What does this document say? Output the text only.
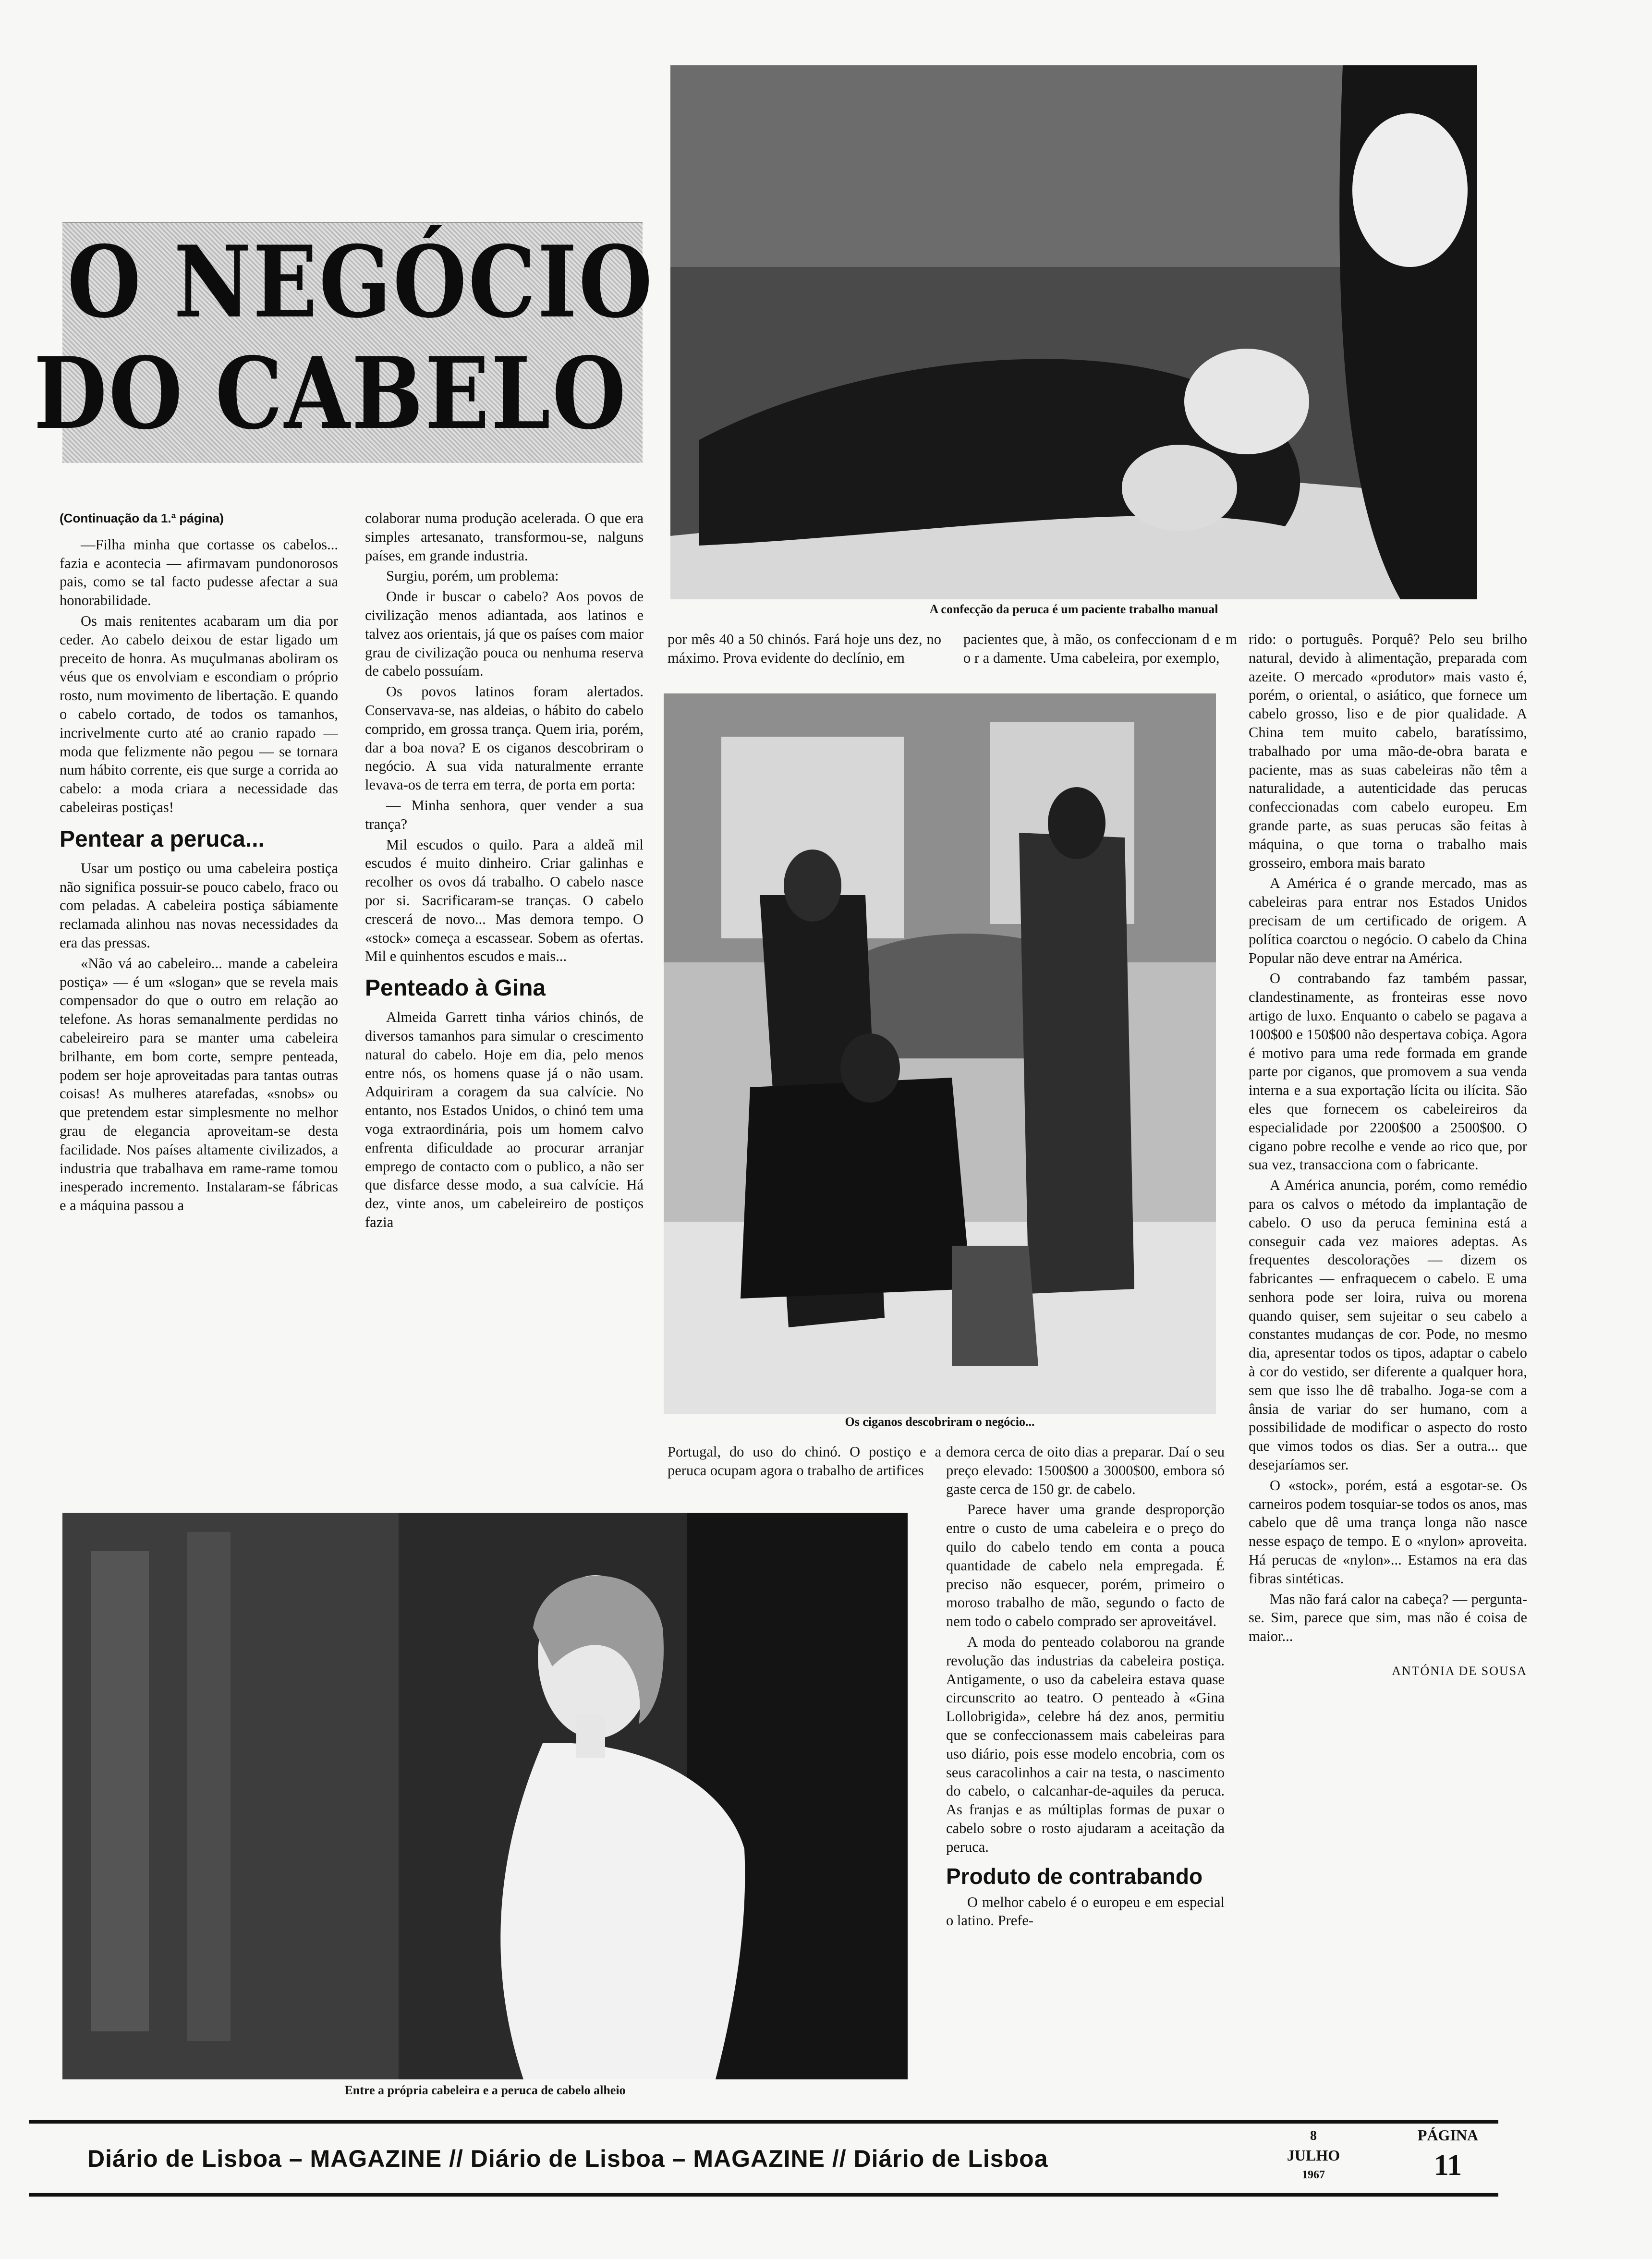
O NEGÓCIO
DO CABELO
A confecção da peruca é um paciente trabalho manual

(Continuação da 1.ª página)

—Filha minha que cortasse os cabelos... fazia e acontecia — afirmavam pundonorosos pais, como se tal facto pudesse afectar a sua honorabilidade.

Os mais renitentes acabaram um dia por ceder. Ao cabelo deixou de estar ligado um preceito de honra. As muçulmanas aboliram os véus que os envolviam e escondiam o próprio rosto, num movimento de libertação. E quando o cabelo cortado, de todos os tamanhos, incrivelmente curto até ao cranio rapado — moda que felizmente não pegou — se tornara num hábito corrente, eis que surge a corrida ao cabelo: a moda criara a necessidade das cabeleiras postiças!

Pentear a peruca...

Usar um postiço ou uma cabeleira postiça não significa possuir-se pouco cabelo, fraco ou com peladas. A cabeleira postiça sábiamente reclamada alinhou nas novas necessidades da era das pressas.

«Não vá ao cabeleiro... mande a cabeleira postiça» — é um «slogan» que se revela mais compensador do que o outro em relação ao telefone. As horas semanalmente perdidas no cabeleireiro para se manter uma cabeleira brilhante, em bom corte, sempre penteada, podem ser hoje aproveitadas para tantas outras coisas! As mulheres atarefadas, «snobs» ou que pretendem estar simplesmente no melhor grau de elegancia aproveitam-se desta facilidade. Nos países altamente civilizados, a industria que trabalhava em rame-rame tomou inesperado incremento. Instalaram-se fábricas e a máquina passou a

colaborar numa produção acelerada. O que era simples artesanato, transformou-se, nalguns países, em grande industria.

Surgiu, porém, um problema:

Onde ir buscar o cabelo? Aos povos de civilização menos adiantada, aos latinos e talvez aos orientais, já que os países com maior grau de civilização pouca ou nenhuma reserva de cabelo possuíam.

Os povos latinos foram alertados. Conservava-se, nas aldeias, o hábito do cabelo comprido, em grossa trança. Quem iria, porém, dar a boa nova? E os ciganos descobriram o negócio. A sua vida naturalmente errante levava-os de terra em terra, de porta em porta:

— Minha senhora, quer vender a sua trança?

Mil escudos o quilo. Para a aldeã mil escudos é muito dinheiro. Criar galinhas e recolher os ovos dá trabalho. O cabelo nasce por si. Sacrificaram-se tranças. O cabelo crescerá de novo... Mas demora tempo. O «stock» começa a escassear. Sobem as ofertas. Mil e quinhentos escudos e mais...

Penteado à Gina

Almeida Garrett tinha vários chinós, de diversos tamanhos para simular o crescimento natural do cabelo. Hoje em dia, pelo menos entre nós, os homens quase já o não usam. Adquiriram a coragem da sua calvície. No entanto, nos Estados Unidos, o chinó tem uma voga extraordinária, pois um homem calvo enfrenta dificuldade ao procurar arranjar emprego de contacto com o publico, a não ser que disfarce desse modo, a sua calvície. Há dez, vinte anos, um cabeleireiro de postiços fazia

por mês 40 a 50 chinós. Fará hoje uns dez, no máximo. Prova evidente do declínio, em

pacientes que, à mão, os confeccionam d e m o r a damente. Uma cabeleira, por exemplo,

Os ciganos descobriram o negócio...

Portugal, do uso do chinó. O postiço e a peruca ocupam agora o trabalho de artifices

Entre a própria cabeleira e a peruca de cabelo alheio

demora cerca de oito dias a preparar. Daí o seu preço elevado: 1500$00 a 3000$00, embora só gaste cerca de 150 gr. de cabelo.

Parece haver uma grande desproporção entre o custo de uma cabeleira e o preço do quilo do cabelo tendo em conta a pouca quantidade de cabelo nela empregada. É preciso não esquecer, porém, primeiro o moroso trabalho de mão, segundo o facto de nem todo o cabelo comprado ser aproveitável.

A moda do penteado colaborou na grande revolução das industrias da cabeleira postiça. Antigamente, o uso da cabeleira estava quase circunscrito ao teatro. O penteado à «Gina Lollobrigida», celebre há dez anos, permitiu que se confeccionassem mais cabeleiras para uso diário, pois esse modelo encobria, com os seus caracolinhos a cair na testa, o nascimento do cabelo, o calcanhar-de-aquiles da peruca. As franjas e as múltiplas formas de puxar o cabelo sobre o rosto ajudaram a aceitação da peruca.

Produto de contrabando

O melhor cabelo é o europeu e em especial o latino. Prefe-

rido: o português. Porquê? Pelo seu brilho natural, devido à alimentação, preparada com azeite. O mercado «produtor» mais vasto é, porém, o oriental, o asiático, que fornece um cabelo grosso, liso e de pior qualidade. A China tem muito cabelo, baratíssimo, trabalhado por uma mão-de-obra barata e paciente, mas as suas cabeleiras não têm a naturalidade, a autenticidade das perucas confeccionadas com cabelo europeu. Em grande parte, as suas perucas são feitas à máquina, o que torna o trabalho mais grosseiro, embora mais barato

A América é o grande mercado, mas as cabeleiras para entrar nos Estados Unidos precisam de um certificado de origem. A política coarctou o negócio. O cabelo da China Popular não deve entrar na América.

O contrabando faz também passar, clandestinamente, as fronteiras esse novo artigo de luxo. Enquanto o cabelo se pagava a 100$00 e 150$00 não despertava cobiça. Agora é motivo para uma rede formada em grande parte por ciganos, que promovem a sua venda interna e a sua exportação lícita ou ilícita. São eles que fornecem os cabeleireiros da especialidade por 2200$00 a 2500$00. O cigano pobre recolhe e vende ao rico que, por sua vez, transacciona com o fabricante.

A América anuncia, porém, como remédio para os calvos o método da implantação de cabelo. O uso da peruca feminina está a conseguir cada vez maiores adeptas. As frequentes descolorações — dizem os fabricantes — enfraquecem o cabelo. E uma senhora pode ser loira, ruiva ou morena quando quiser, sem sujeitar o seu cabelo a constantes mudanças de cor. Pode, no mesmo dia, apresentar todos os tipos, adaptar o cabelo à cor do vestido, ser diferente a qualquer hora, sem que isso lhe dê trabalho. Joga-se com a ânsia de variar do ser humano, com a possibilidade de modificar o aspecto do rosto que vimos todos os dias. Ser a outra... que desejaríamos ser.

O «stock», porém, está a esgotar-se. Os carneiros podem tosquiar-se todos os anos, mas cabelo que dê uma trança longa não nasce nesse espaço de tempo. E o «nylon» aproveita. Há perucas de «nylon»... Estamos na era das fibras sintéticas.

Mas não fará calor na cabeça? — pergunta-se. Sim, parece que sim, mas não é coisa de maior...

ANTÓNIA DE SOUSA

Diário de Lisboa – MAGAZINE // Diário de Lisboa – MAGAZINE // Diário de Lisboa
8
JULHO
1967
PÁGINA
11
